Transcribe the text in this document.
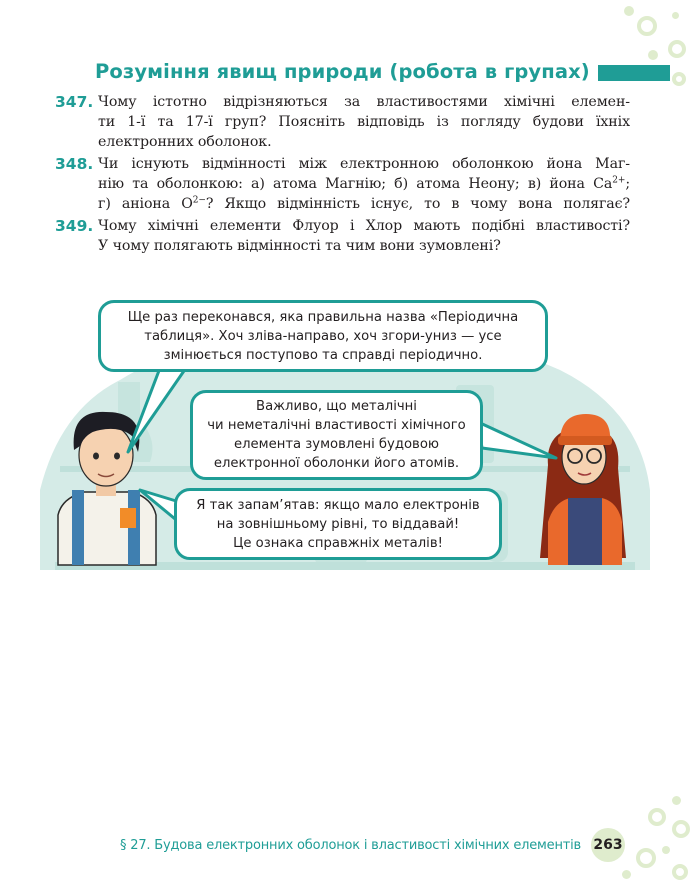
Розуміння явищ природи (робота в групах)
347. Чому істотно відрізняються за властивостями хімічні елемен-
ти 1-ї та 17-ї груп? Поясніть відповідь із погляду будови їхніх
електронних оболонок.
348. Чи існують відмінності між електронною оболонкою йона Маг-
нію та оболонкою: а) атома Магнію; б) атома Неону; в) йона $Ca^{2+}$;
г) аніона $O^{2-}$? Якщо відмінність існує, то в чому вона полягає?
349. Чому хімічні елементи Флуор і Хлор мають подібні властивості?
У чому полягають відмінності та чим вони зумовлені?
Ще раз переконався, яка правильна назва «Періодична
таблиця». Хоч зліва-направо, хоч згори-униз — усе
змінюється поступово та справді періодично.
Важливо, що металічні
чи неметалічні властивості хімічного
елемента зумовлені будовою
електронної оболонки його атомів.
Я так запам’ятав: якщо мало електронів
на зовнішньому рівні, то віддавай!
Це ознака справжніх металів!
§ 27. Будова електронних оболонок і властивості хімічних елементів 263
